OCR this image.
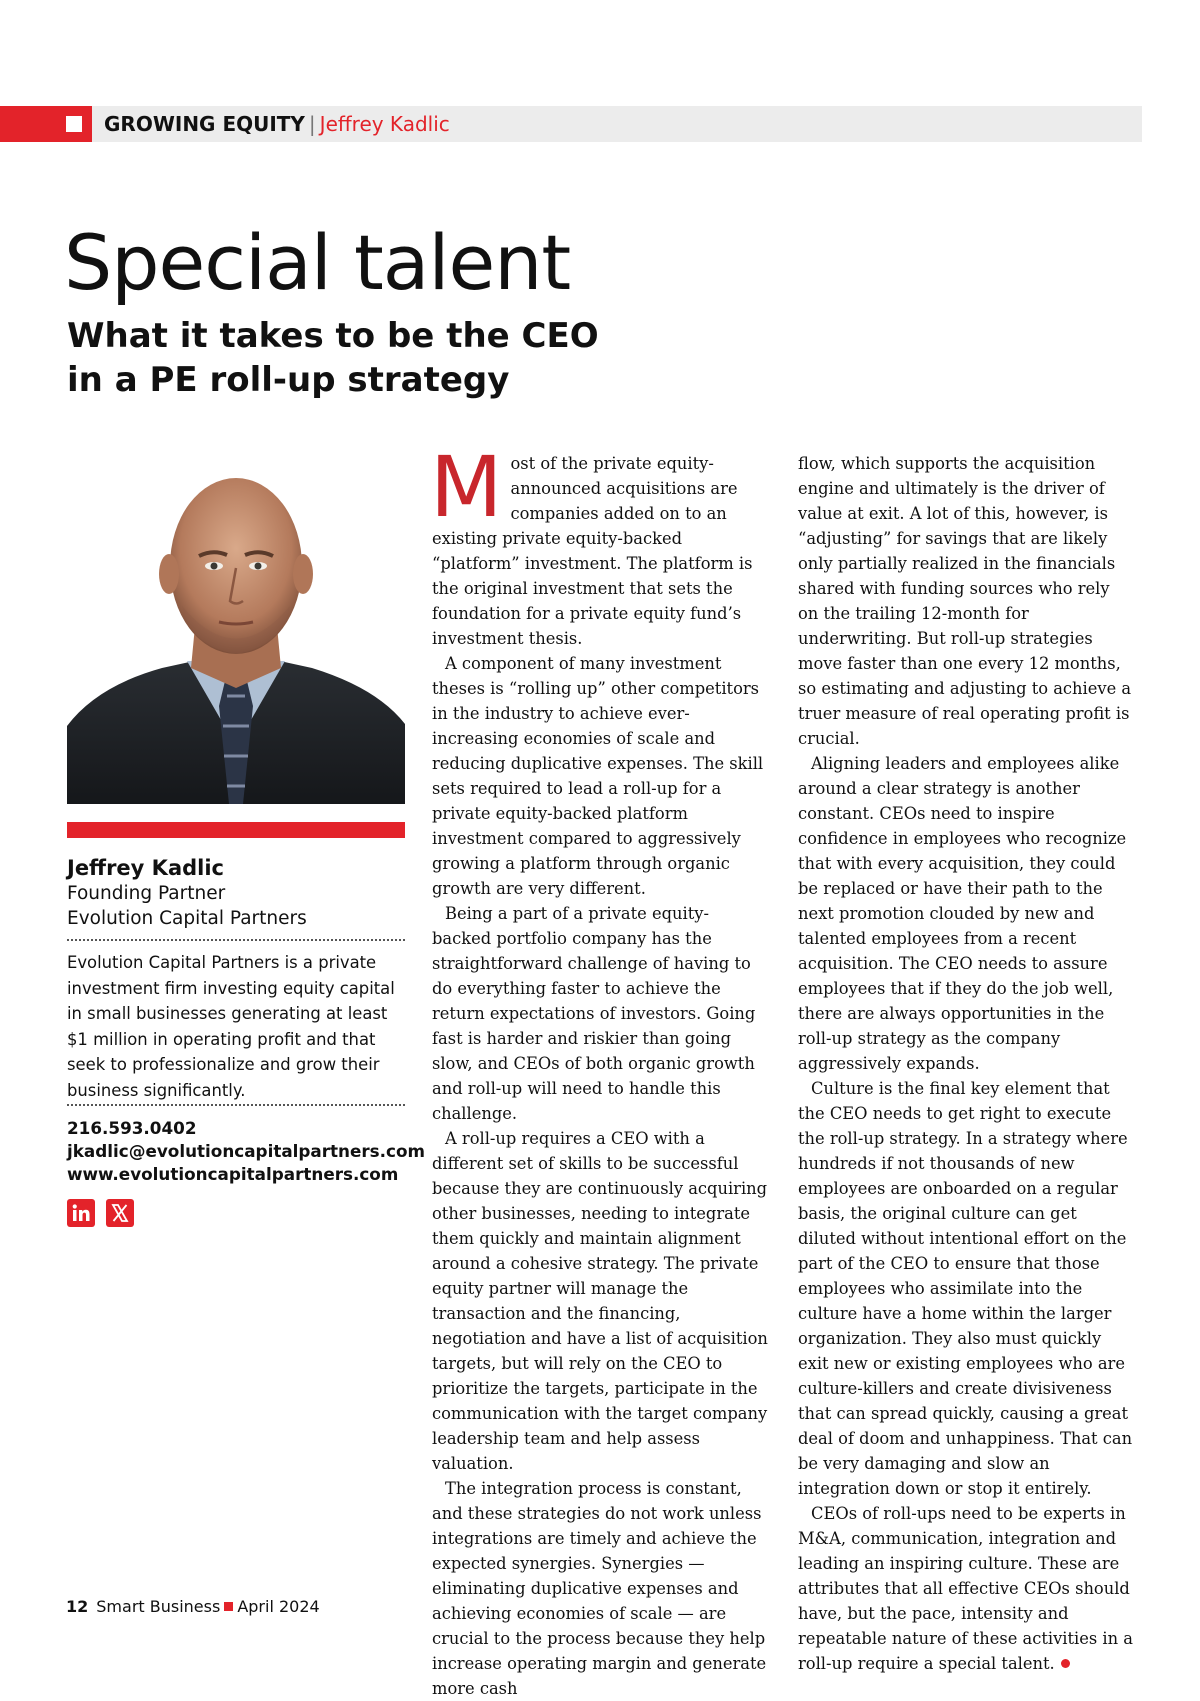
GROWING EQUITY | Jeffrey Kadlic
Special talent
What it takes to be the CEO in a PE roll-up strategy
Jeffrey Kadlic
Founding Partner
Evolution Capital Partners
Evolution Capital Partners is a private investment firm investing equity capital in small businesses generating at least $1 million in operating profit and that seek to professionalize and grow their business significantly.
216.593.0402
jkadlic@evolutioncapitalpartners.com
www.evolutioncapitalpartners.com

Most of the private equity-announced acquisitions are companies added on to an existing private equity-backed “platform” investment. The platform is the original investment that sets the foundation for a private equity fund’s investment thesis.

A component of many investment theses is “rolling up” other competitors in the industry to achieve ever-increasing economies of scale and reducing duplicative expenses. The skill sets required to lead a roll-up for a private equity-backed platform investment compared to aggressively growing a platform through organic growth are very different.

Being a part of a private equity-backed portfolio company has the straightforward challenge of having to do everything faster to achieve the return expectations of investors. Going fast is harder and riskier than going slow, and CEOs of both organic growth and roll-up will need to handle this challenge.

A roll-up requires a CEO with a different set of skills to be successful because they are continuously acquiring other businesses, needing to integrate them quickly and maintain alignment around a cohesive strategy. The private equity partner will manage the transaction and the financing, negotiation and have a list of acquisition targets, but will rely on the CEO to prioritize the targets, participate in the communication with the target company leadership team and help assess valuation.

The integration process is constant, and these strategies do not work unless integrations are timely and achieve the expected synergies. Synergies — eliminating duplicative expenses and achieving economies of scale — are crucial to the process because they help increase operating margin and generate more cash

flow, which supports the acquisition engine and ultimately is the driver of value at exit. A lot of this, however, is “adjusting” for savings that are likely only partially realized in the financials shared with funding sources who rely on the trailing 12-month for underwriting. But roll-up strategies move faster than one every 12 months, so estimating and adjusting to achieve a truer measure of real operating profit is crucial.

Aligning leaders and employees alike around a clear strategy is another constant. CEOs need to inspire confidence in employees who recognize that with every acquisition, they could be replaced or have their path to the next promotion clouded by new and talented employees from a recent acquisition. The CEO needs to assure employees that if they do the job well, there are always opportunities in the roll-up strategy as the company aggressively expands.

Culture is the final key element that the CEO needs to get right to execute the roll-up strategy. In a strategy where hundreds if not thousands of new employees are onboarded on a regular basis, the original culture can get diluted without intentional effort on the part of the CEO to ensure that those employees who assimilate into the culture have a home within the larger organization. They also must quickly exit new or existing employees who are culture-killers and create divisiveness that can spread quickly, causing a great deal of doom and unhappiness. That can be very damaging and slow an integration down or stop it entirely.

CEOs of roll-ups need to be experts in M&A, communication, integration and leading an inspiring culture. These are attributes that all effective CEOs should have, but the pace, intensity and repeatable nature of these activities in a roll-up require a special talent.

12 Smart Business April 2024
